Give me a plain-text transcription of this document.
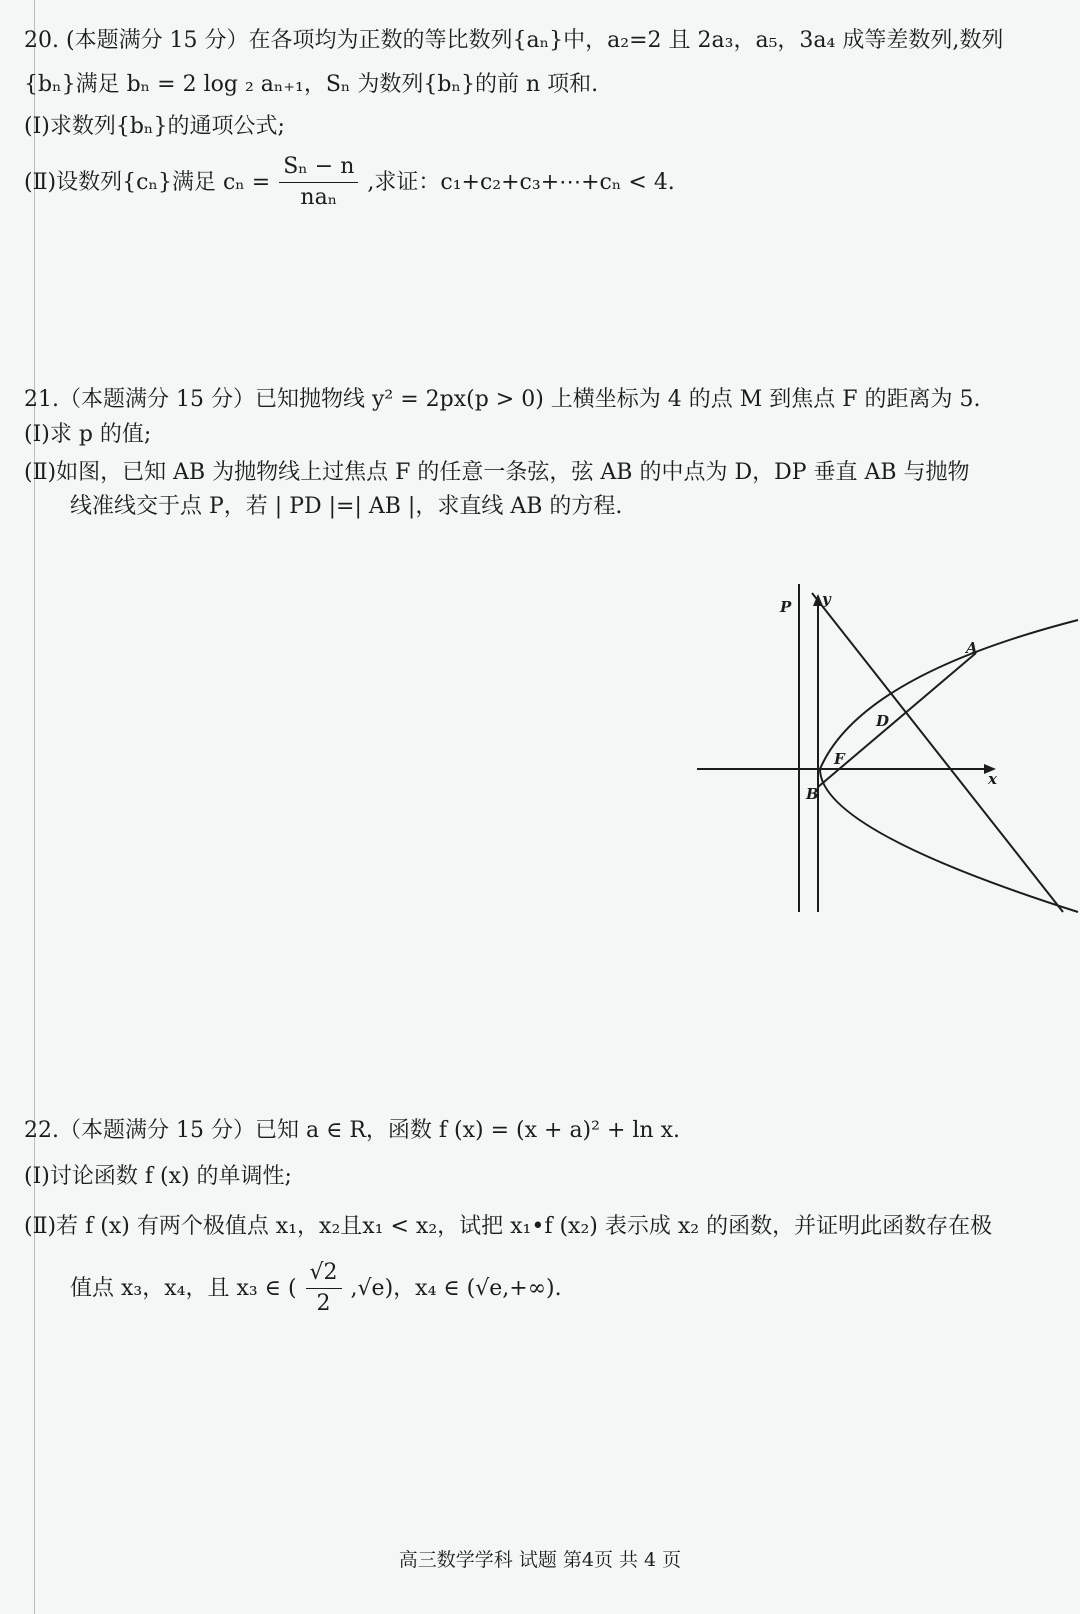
20. (本题满分 15 分）在各项均为正数的等比数列{aₙ}中，a₂=2 且 2a₃，a₅，3a₄ 成等差数列,数列
{bₙ}满足 bₙ = 2 log ₂ aₙ₊₁，Sₙ 为数列{bₙ}的前 n 项和.
(Ⅰ)求数列{bₙ}的通项公式;
(Ⅱ)设数列{cₙ}满足 $c_n = \frac{\text{Sₙ − n}}{\text{naₙ}}$ ,求证：c₁+c₂+c₃+⋯+cₙ < 4.
21.（本题满分 15 分）已知抛物线 y² = 2px(p > 0) 上横坐标为 4 的点 M 到焦点 F 的距离为 5.
(Ⅰ)求 p 的值;
(Ⅱ)如图，已知 AB 为抛物线上过焦点 F 的任意一条弦，弦 AB 的中点为 D，DP 垂直 AB 与抛物
线准线交于点 P，若 | PD |=| AB |，求直线 AB 的方程.
P y
A
D
F
B
x
22.（本题满分 15 分）已知 a ∈ R，函数 f (x) = (x + a)² + ln x.
(Ⅰ)讨论函数 f (x) 的单调性;
(Ⅱ)若 f (x) 有两个极值点 x₁，x₂且x₁ < x₂，试把 x₁•f (x₂) 表示成 x₂ 的函数，并证明此函数存在极
值点 x₃，x₄，且 x₃ ∈ ( $\frac{√2}{2} ,√e$)，x₄ ∈ (√e,+∞).
高三数学学科 试题 第4页 共 4 页
